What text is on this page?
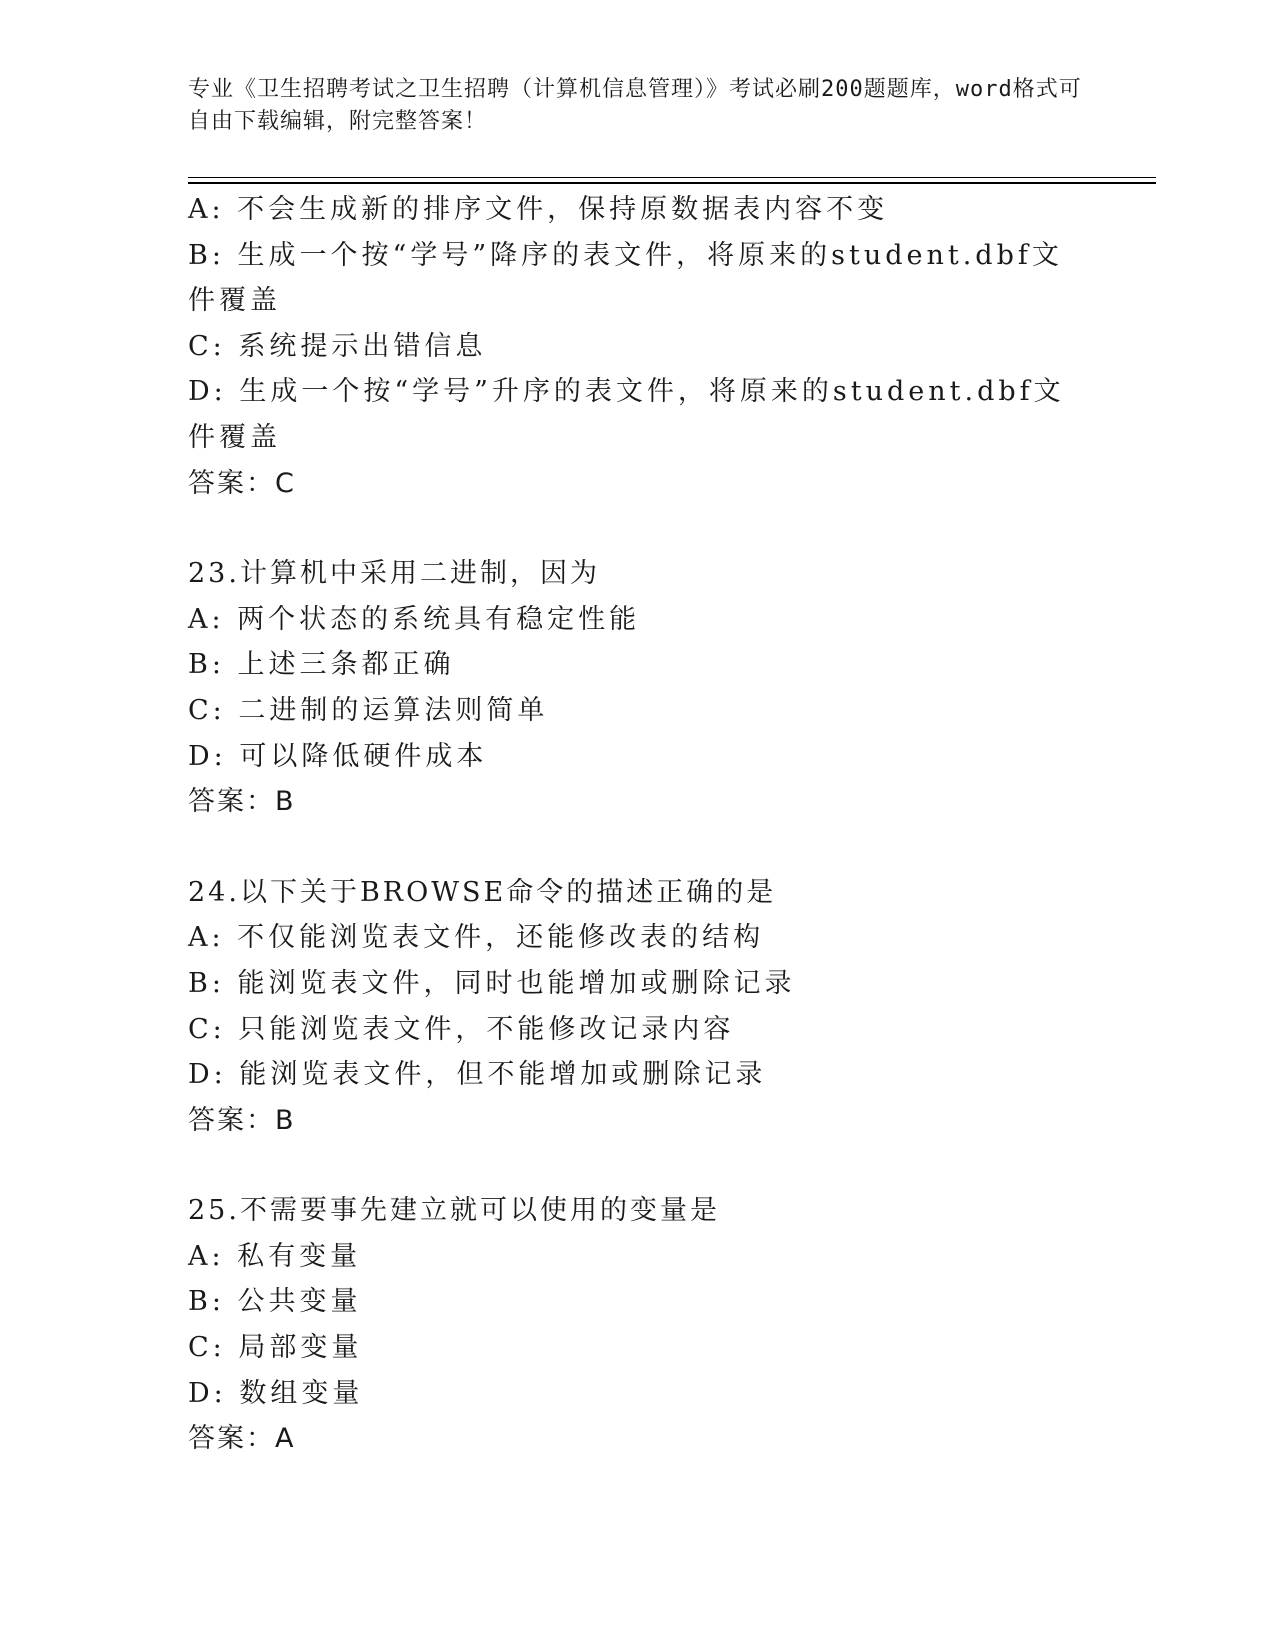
专业《卫生招聘考试之卫生招聘（计算机信息管理）》考试必刷200题题库，word格式可自由下载编辑，附完整答案！
A: 不会生成新的排序文件，保持原数据表内容不变
B: 生成一个按“学号”降序的表文件，将原来的student.dbf文件覆盖
C: 系统提示出错信息
D: 生成一个按“学号”升序的表文件，将原来的student.dbf文件覆盖
答案：C
23.计算机中采用二进制，因为
A: 两个状态的系统具有稳定性能
B: 上述三条都正确
C: 二进制的运算法则简单
D: 可以降低硬件成本
答案：B
24.以下关于BROWSE命令的描述正确的是
A: 不仅能浏览表文件，还能修改表的结构
B: 能浏览表文件，同时也能增加或删除记录
C: 只能浏览表文件，不能修改记录内容
D: 能浏览表文件，但不能增加或删除记录
答案：B
25.不需要事先建立就可以使用的变量是
A: 私有变量
B: 公共变量
C: 局部变量
D: 数组变量
答案：A
